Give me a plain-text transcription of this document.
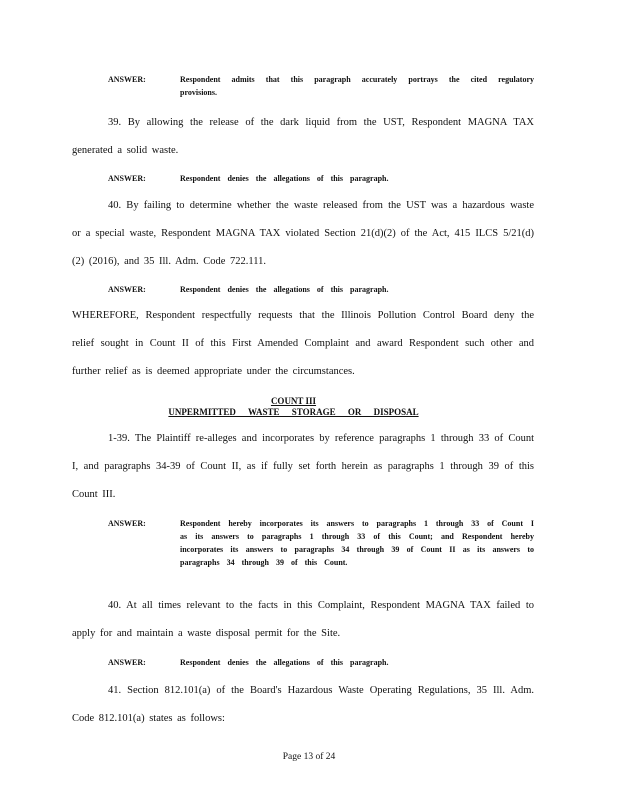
ANSWER:	Respondent admits that this paragraph accurately portrays the cited regulatory provisions.
39. By allowing the release of the dark liquid from the UST, Respondent MAGNA TAX generated a solid waste.
ANSWER:	Respondent denies the allegations of this paragraph.
40. By failing to determine whether the waste released from the UST was a hazardous waste or a special waste, Respondent MAGNA TAX violated Section 21(d)(2) of the Act, 415 ILCS 5/21(d)(2) (2016), and 35 Ill. Adm. Code 722.111.
ANSWER:	Respondent denies the allegations of this paragraph.
WHEREFORE, Respondent respectfully requests that the Illinois Pollution Control Board deny the relief sought in Count II of this First Amended Complaint and award Respondent such other and further relief as is deemed appropriate under the circumstances.
COUNT III
UNPERMITTED WASTE STORAGE OR DISPOSAL
1-39. The Plaintiff re-alleges and incorporates by reference paragraphs 1 through 33 of Count I, and paragraphs 34-39 of Count II, as if fully set forth herein as paragraphs 1 through 39 of this Count III.
ANSWER:	Respondent hereby incorporates its answers to paragraphs 1 through 33 of Count I as its answers to paragraphs 1 through 33 of this Count; and Respondent hereby incorporates its answers to paragraphs 34 through 39 of Count II as its answers to paragraphs 34 through 39 of this Count.
40. At all times relevant to the facts in this Complaint, Respondent MAGNA TAX failed to apply for and maintain a waste disposal permit for the Site.
ANSWER:	Respondent denies the allegations of this paragraph.
41. Section 812.101(a) of the Board's Hazardous Waste Operating Regulations, 35 Ill. Adm. Code 812.101(a) states as follows:
Page 13 of 24
